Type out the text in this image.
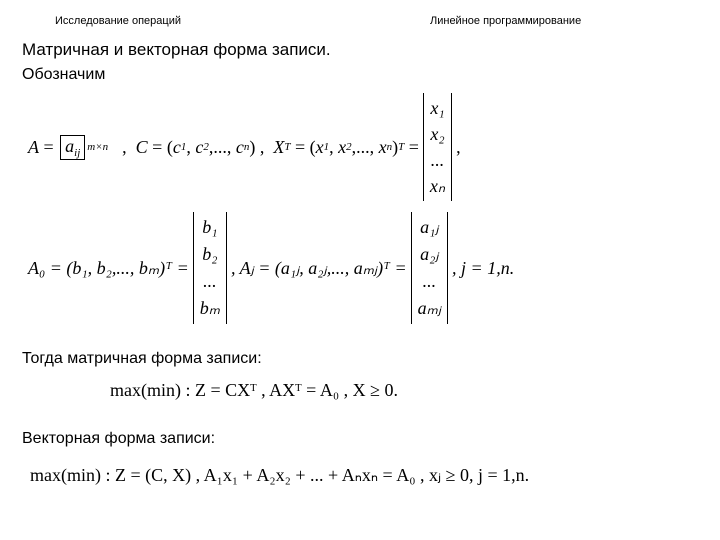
Исследование операций	Линейное программирование
Матричная и векторная форма записи.
Обозначим
$A = a_{ij}$ m×n , C = ( c 1 , c 2 ,..., c n ) , X T = ( x 1 , x 2 ,..., x n ) T =
x₁
x₂
...
xₙ
,
A₀ = (b₁, b₂,..., bₘ)ᵀ =
b₁
b₂
...
bₘ
, Aⱼ = (a₁ⱼ, a₂ⱼ,..., aₘⱼ)ᵀ =
a₁ⱼ
a₂ⱼ
...
aₘⱼ
, j = 1,n.
Тогда матричная форма записи:
max(min) : Z = CXᵀ , AXᵀ = A₀ , X ≥ 0.
Векторная форма записи:
max(min) : Z = (C, X) , A₁x₁ + A₂x₂ + ... + Aₙxₙ = A₀ , xⱼ ≥ 0, j = 1,n.
